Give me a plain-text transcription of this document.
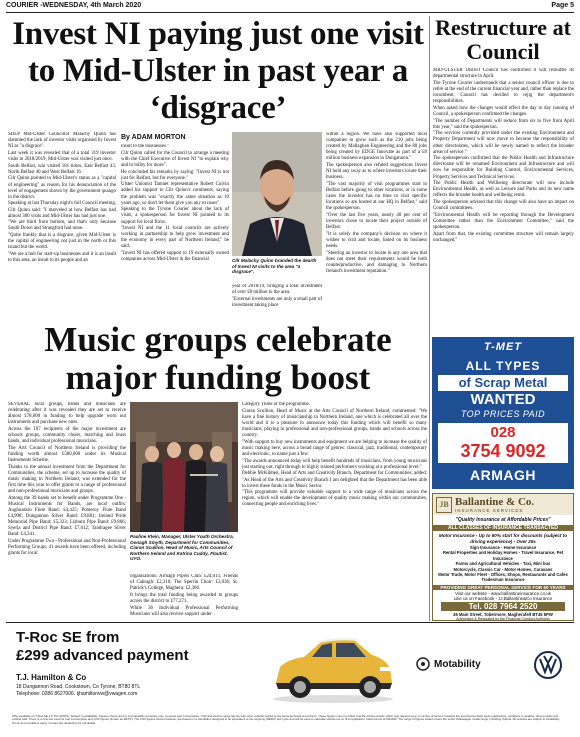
COURIER -WEDNESDAY, 4th March 2020	Page 5
Invest NI paying just one visit to Mid-Ulster in past year a ‘disgrace’

SDLP Mid-Ulster Councillor Malachy Quinn has slammed the lack of investor visits organised by Invest NI as "a disgrace".

Last week it was revealed that of a total 319 investor visits in 2018/2019, Mid-Ulster was visited just once.

South Belfast, was visited 181 times, East Belfast 43, North Belfast 40 and West Belfast 16.

Cllr Quinn pointed to Mid-Ulster's status as a "capital of engineering" as reason for his denunciation of the level of engagement shown by the government quango in the district.

Speaking at last Thursday night's full Council meeting, Cllr Quinn said: "I marveled at how Belfast has had almost 300 visits and Mid-Ulster has had just one.

"We are third from bottom, and that's only because South Down and Strangford had none.

"Quite frankly that is a disgrace, given Mid-Ulster is the capital of engineering not just in the north or this island but the world.

"We are a hub for start-up businesses and it is an insult to this area, an insult to its people and an

By ADAM MORTON

insult to the businesses."

Cllr Quinn called for the Council to arrange a meeting with the Chief Executive of Invest NI "to explain why and to lobby for more".

He concluded his remarks by saying: "Invest NI is not just for Belfast, but for everyone."

Ulster Unionist Tamnet representative Robert Colvin added his support to Cllr Quinn's comments, saying the problem was "exactly the same situation as 10 years ago, so don't let them give you any excuses".

Speaking to the Tyrone Courier about the lack of visits, a spokesperson for Invest NI pointed to its support for local firms.

"Invest NI and the 11 local councils are actively working in partnership to help grow investment and the economy in every part of Northern Ireland," he said.

"Invest NI has offered support to 19 externally owned companies across Mid-Ulster in the financial	Cllr Malachy Quinn branded the dearth of Invest NI visits to the area "a disgrace".

year of 2018/19, bringing a total investment of over £8 million to the area.

"External investments are only a small part of investment taking place

within a region. We have also supported local companies to grow such as the 210 jobs being created by Mallaghan Engineering and the 80 jobs being created by EDGE Innovate as part of a £8 million business expansion in Dungannon."

The spokesperson also refuted suggestions Invest NI hold any sway as to where investors locate their business.

"The vast majority of visit programmes start in Belfast before going to other locations, or in some cases the investor has no time to visit specific locations so are hosted at our HQ in Belfast," said the spokesperson.

"Over the last five years, nearly 40 per cent of investors chose to locate their project outside of Belfast.

"It is solely the company's decision on where it wishes to visit and locate, based on its business needs.

"Steering an investor to locate in any one area that does not meet their requirements would be both counterproductive, and damaging to Northern Ireland's investment reputation."

Restructure at Council

MID-ULSTER District Council has confirmed it will reshuffle its departmental structure in April.

The Tyrone Courier understands that a senior council officer is due to retire at the end of the current financial year and, rather than replace the incumbent, Council has decided to rejig the department's responsibilities.

When asked how the changes would effect the day to day running of Council, a spokesperson confirmed the changes.

"The number of Departments will reduce from six to five from April this year," said the spokesperson.

"The services currently provided under the existing Environment and Property Department will now move to become the responsibility of other directorates, which will be newly named to reflect the broader areas of service."

The spokesperson confirmed that the Public Health and Infrastructure directorate will be renamed Environment and Infrastructure and will now be responsible for Building Control, Environmental Services, Property Services and Technical Services.

The Public Health and Wellbeing directorate will now include Environmental Health, as well as Leisure and Parks and its new name reflects the broader health and wellbeing remit.

The spokesperson advised that this change will also have an impact on Council committees.

"Environmental Health will be reporting through the Development Committee rather than the Environment Committee," said the spokesperson.

Apart from that, the existing committee structure will remain largely unchanged."

Music groups celebrate major funding boost

SEVERAL local groups, bands and musicians are celebrating after it was revealed they are set to receive almost £78,000 in funding to help upgrade worn out instruments and purchase new ones.

Across the 107 recipients of the major investment are schools groups, community choirs, marching and brass bands, and individual professional musicians.

The Arts Council of Northern Ireland is providing the funding worth almost £580,000 under its Musical Instruments Scheme.

Thanks to the annual investment from the Department for Communities, the scheme, set up to increase the quality of music making in Northern Ireland, was extended for the first time this year to offer grants to a range of professional and non-professional musicians and groups.

Among the 39 bands set to benefit under Programme One - Musical Instruments for Bands, are local outfits: Aughnaskin Flute Band: £4,425; Pomeroy Flute Band £4,998; Dungannon Silver Band: £9,881; Ireland Pride Memorial Pipe Band: £5,323; Lisburn Pipe Band: £9,866; Syerla and District Pipe Band: £7,012; Tandragee Silver Band: £4,341.

Under Programme Two - Professional and Non-Professional Performing Groups, 41 awards have been offered, including grants for local

Pauline Klein, Manager, Ulster Youth Orchestra, Oonagh Smyth, Department for Communities, Ciaran Scullion, Head of Music, Arts Council of Northern Ireland and Katrina Cuddy, Flautist, UYO.

organisations: Armagh Pipers Club: £24,015; Friends of Cabragh: £2,310; The Sperrin Choir: £2,036; St. Patrick's College, Maghera: £2,366.

It brings the total funding being awarded to groups across the district to £77,271.

While 36 Individual Professional Performing Musicians will also receive support under

Category Three of the programme.

Ciaran Scullion, Head of Music at the Arts Council of Northern Ireland, commented: "We have a fine history of musicianship in Northern Ireland, one which is celebrated all over the world and it is a pleasure to announce today this funding which will benefit so many musicians, playing in professional and non-professional groups, bands and schools across the country.

"With support to buy new instruments and equipment we are helping to increase the quality of music making here, across a broad range of genres: classical, jazz, traditional, contemporary and electronic, to name just a few.

"The awards announced today will help benefit hundreds of musicians, from young musicians just starting out, right through to highly trained performers working at a professional level."

Debbie McKibben, Head of Arts and Creativity Branch, Department for Communities, added: "As Head of the Arts and Creativity Branch I am delighted that the Department has been able to invest these funds in the Music Sector.

"This programme will provide valuable support to a wide range of musicians across the region, which will enable the development of quality music making within our communities, connecting people and enriching lives."

T-MET
ALL TYPES
of Scrap Metal
WANTED
TOP PRICES PAID
028
3754 9092
ARMAGH
JB Ballantine & Co.
INSURANCE SERVICES
"Quality Insurance at Affordable Prices"
ALL CLASSES OF INSURANCE TRANSACTED
Motor Insurance - Up to 60% start for discounts (subject to driving experience) - Over 25s

Sign Insurance - Home Insurance

Rental Properties and Holiday Homes - Travel Insurance, Pet Insurance

Farms and Agricultural Vehicles - Taxi, Mini bus

Motorcycle, Classic Car - Motor Homes, Caravans

Motor Trade, Motor Fleet - Offices, Shops, Restaurants and Cafes

Tradesman Insurance

PROVIDING GREAT PERSONAL SERVICE FOR 60 YEARS
Visit our website - www.ballantineinsurance.co.uk
Like us on Facebook - JJ.Ballantine&Co Insurance
Tel. 028 7964 2520
36 Main Street, Tobermore, Magherafelt BT45 5PW
Authorised & Regulated by the Financial Conduct Authority
T-Roc SE from
£299 advanced payment
T.J. Hamilton & Co
18 Dungannon Road, Cookstown, Co Tyrone, BT80 8TL
Telephone: 0286 8627006. tjhamiltonvw@vwagen.com
Motability
Offer available on T-Roc SE 1.0 TSI (115PS). Subject to availability. Figures shown are for comparability purposes only; compare fuel consumption, CO2 and electric range figures with other vehicles tested to the same technical procedures. These figures may not reflect real life driving results, which may depend upon a number of factors including the accessories fitted (post-registration), variations in weather, driving styles and vehicle load. There is a new test used for fuel consumption and CO2 figures (known as WLTP). The CO2 figures shown however, are based on a calculation designed to be equivalent to the outgoing (NEDC) test cycle and will be used to calculate vehicle tax on first registration. Data correct at 02/2020. The range of figures stated covers the entire Volkswagen model range, including hybrids. All vehicles are subject to availability. Terms and conditions apply. Contact the dealership for full details.
